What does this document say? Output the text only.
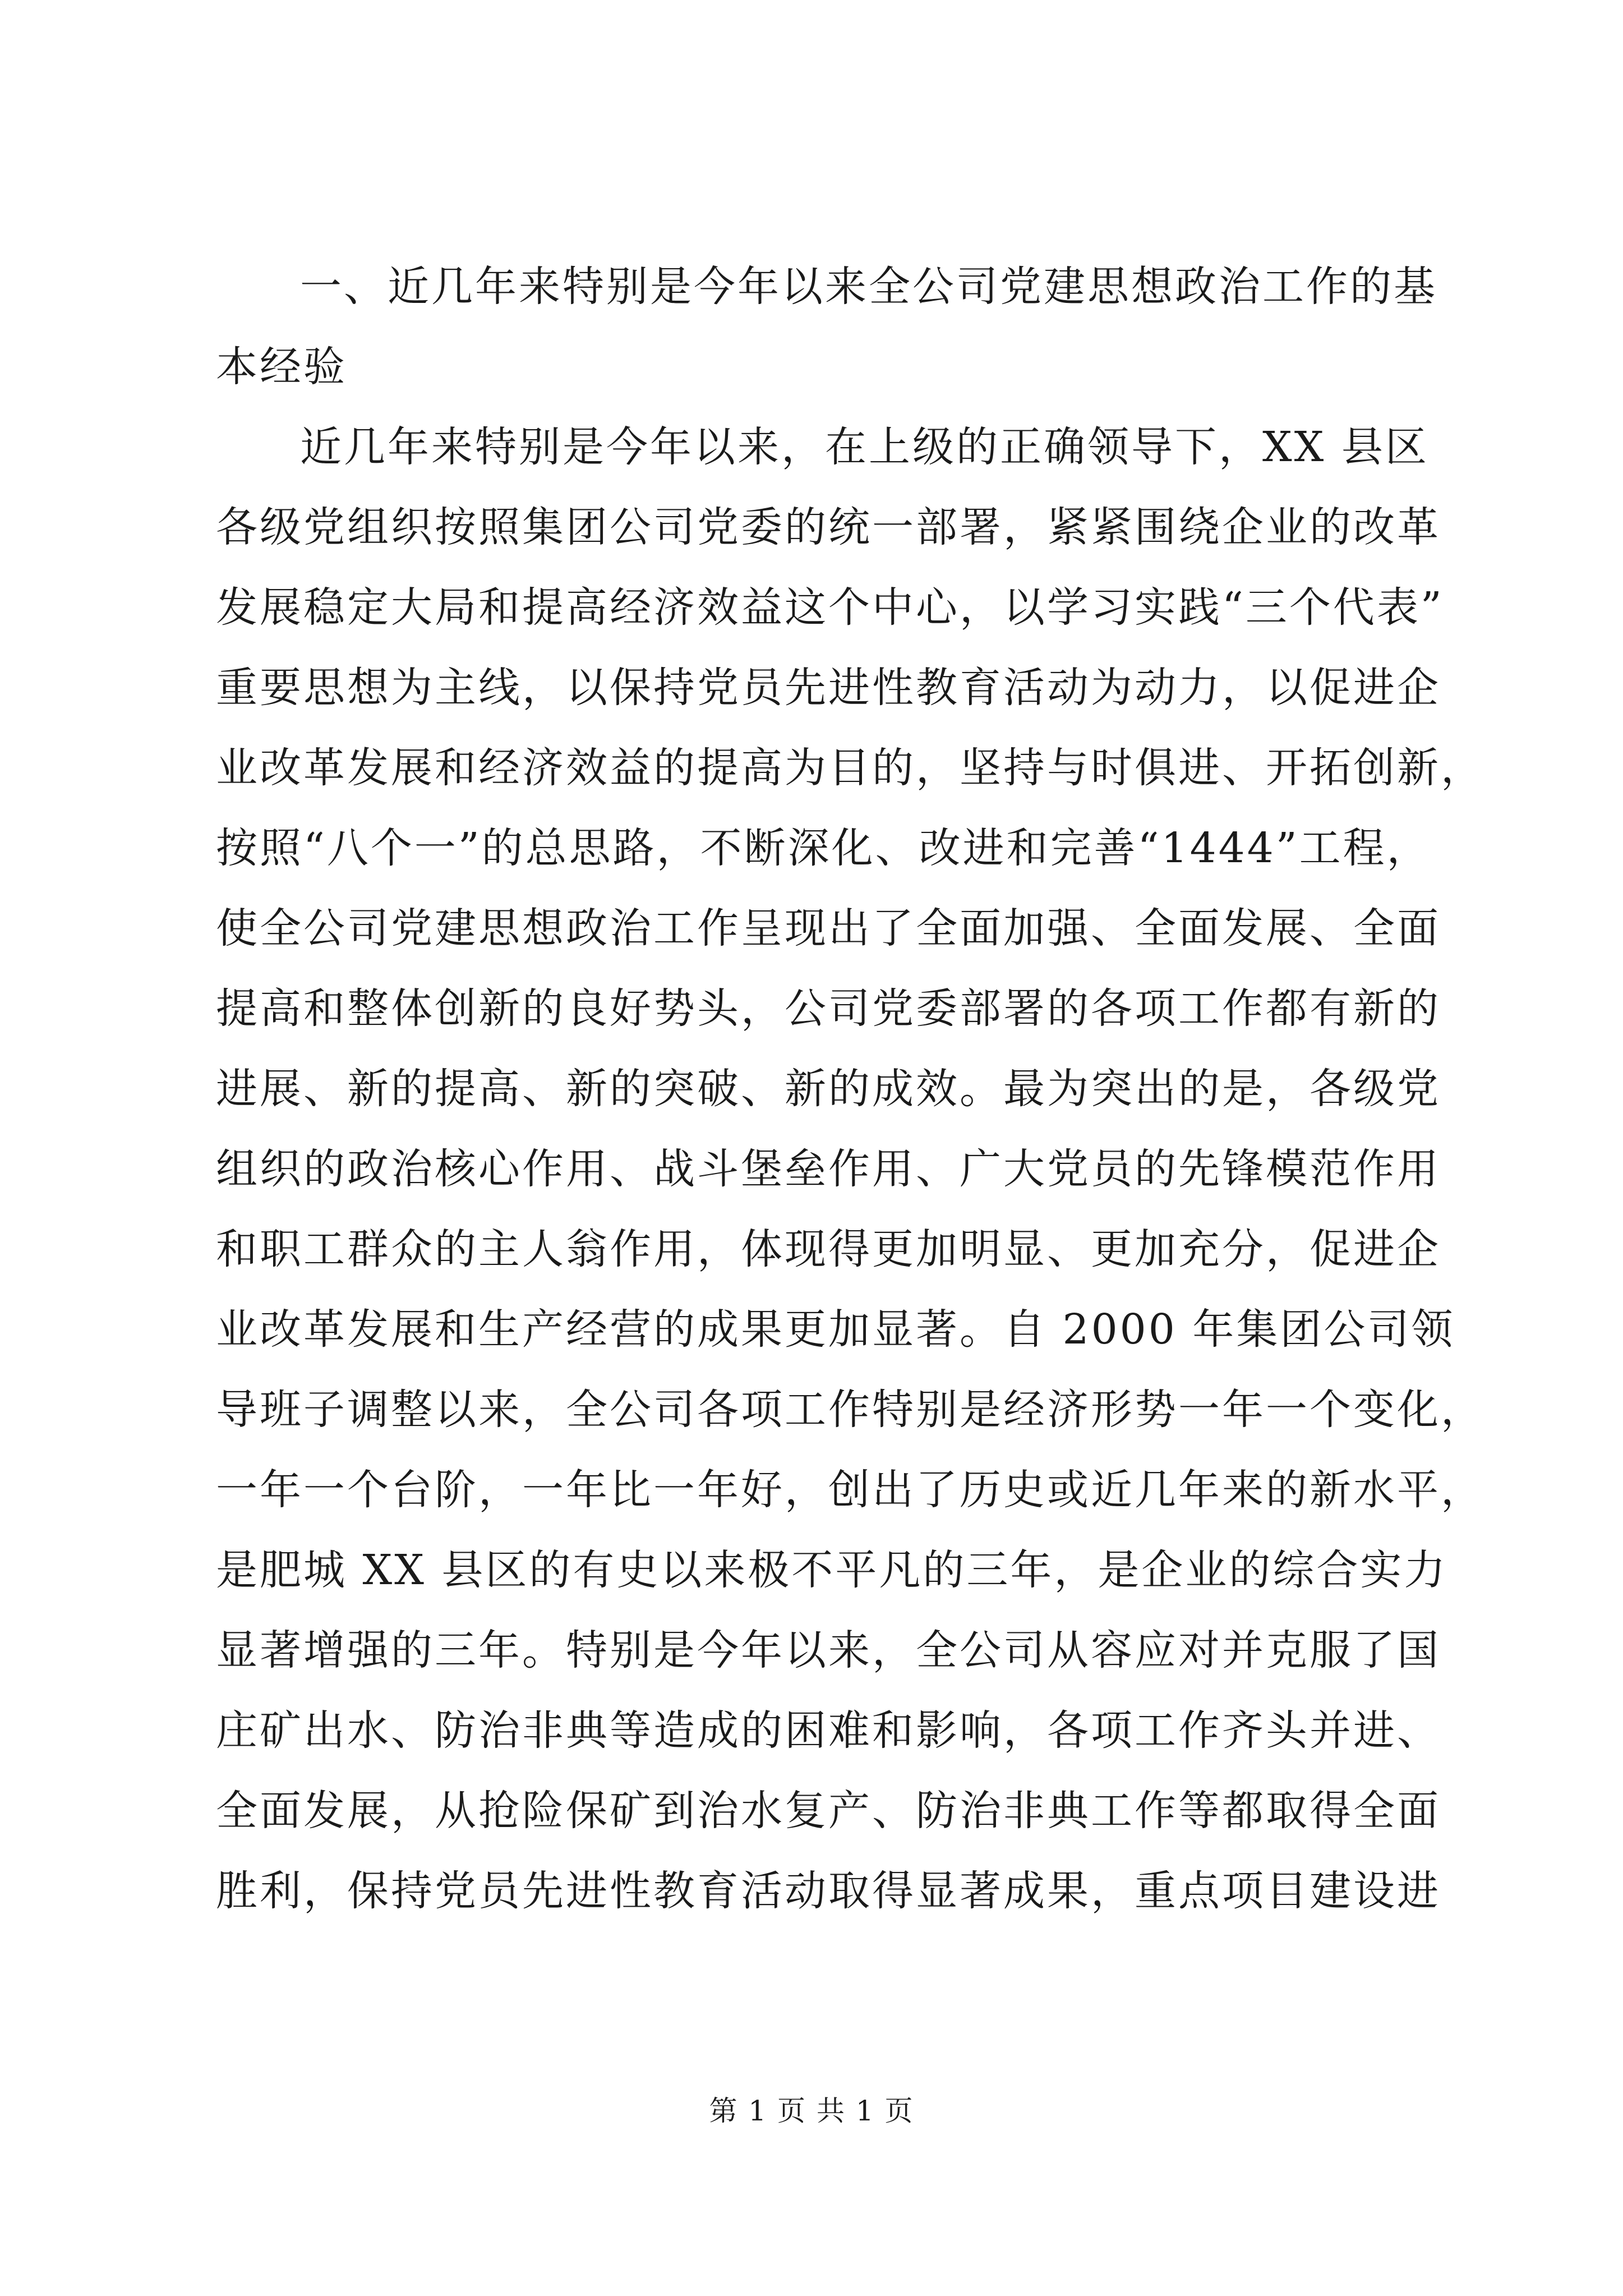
一、近几年来特别是今年以来全公司党建思想政治工作的基
本经验
近几年来特别是今年以来，在上级的正确领导下，XX 县区
各级党组织按照集团公司党委的统一部署，紧紧围绕企业的改革
发展稳定大局和提高经济效益这个中心，以学习实践“三个代表”
重要思想为主线，以保持党员先进性教育活动为动力，以促进企
业改革发展和经济效益的提高为目的，坚持与时俱进、开拓创新，
按照“八个一”的总思路，不断深化、改进和完善“1444”工程，
使全公司党建思想政治工作呈现出了全面加强、全面发展、全面
提高和整体创新的良好势头，公司党委部署的各项工作都有新的
进展、新的提高、新的突破、新的成效。最为突出的是，各级党
组织的政治核心作用、战斗堡垒作用、广大党员的先锋模范作用
和职工群众的主人翁作用，体现得更加明显、更加充分，促进企
业改革发展和生产经营的成果更加显著。自 2000 年集团公司领
导班子调整以来，全公司各项工作特别是经济形势一年一个变化，
一年一个台阶，一年比一年好，创出了历史或近几年来的新水平，
是肥城 XX 县区的有史以来极不平凡的三年，是企业的综合实力
显著增强的三年。特别是今年以来，全公司从容应对并克服了国
庄矿出水、防治非典等造成的困难和影响，各项工作齐头并进、
全面发展，从抢险保矿到治水复产、防治非典工作等都取得全面
胜利，保持党员先进性教育活动取得显著成果，重点项目建设进
第 1 页 共 1 页
